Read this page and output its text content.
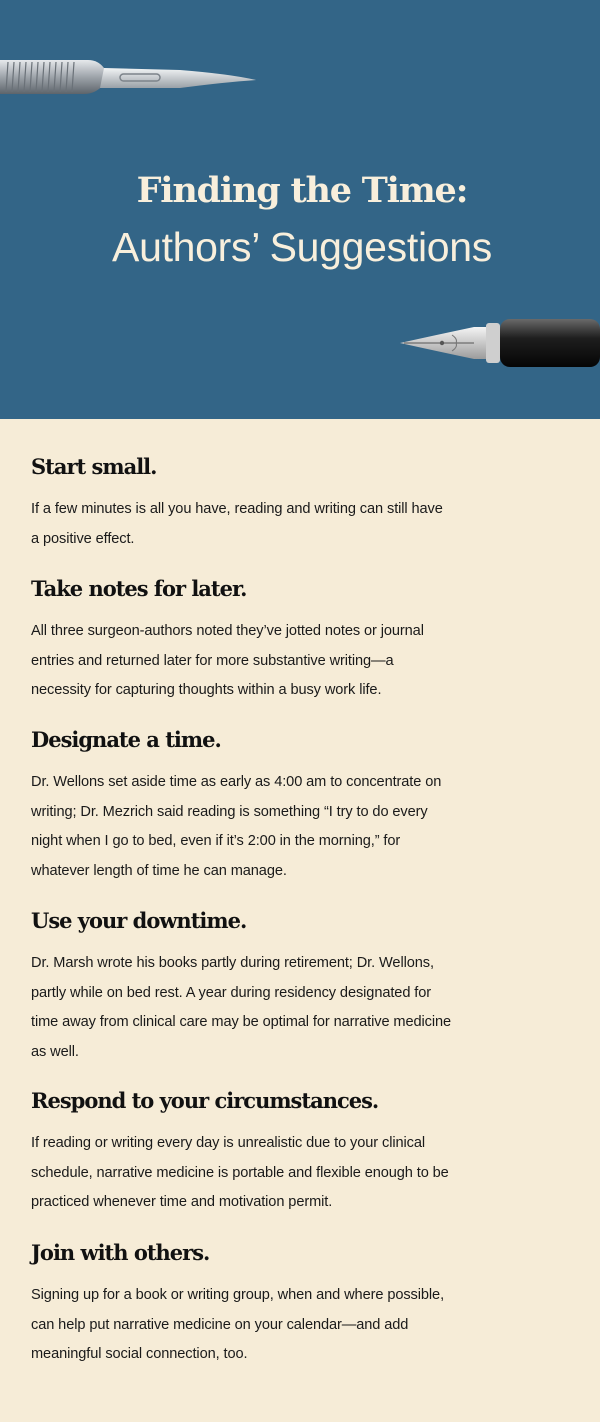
Finding the Time:
Authors’ Suggestions
Start small.

If a few minutes is all you have, reading and writing can still have
a positive effect.

Take notes for later.

All three surgeon-authors noted they’ve jotted notes or journal
entries and returned later for more substantive writing—a
necessity for capturing thoughts within a busy work life.

Designate a time.

Dr. Wellons set aside time as early as 4:00 am to concentrate on
writing; Dr. Mezrich said reading is something “I try to do every
night when I go to bed, even if it’s 2:00 in the morning,” for
whatever length of time he can manage.

Use your downtime.

Dr. Marsh wrote his books partly during retirement; Dr. Wellons,
partly while on bed rest. A year during residency designated for
time away from clinical care may be optimal for narrative medicine
as well.

Respond to your circumstances.

If reading or writing every day is unrealistic due to your clinical
schedule, narrative medicine is portable and flexible enough to be
practiced whenever time and motivation permit.

Join with others.

Signing up for a book or writing group, when and where possible,
can help put narrative medicine on your calendar—and add
meaningful social connection, too.
